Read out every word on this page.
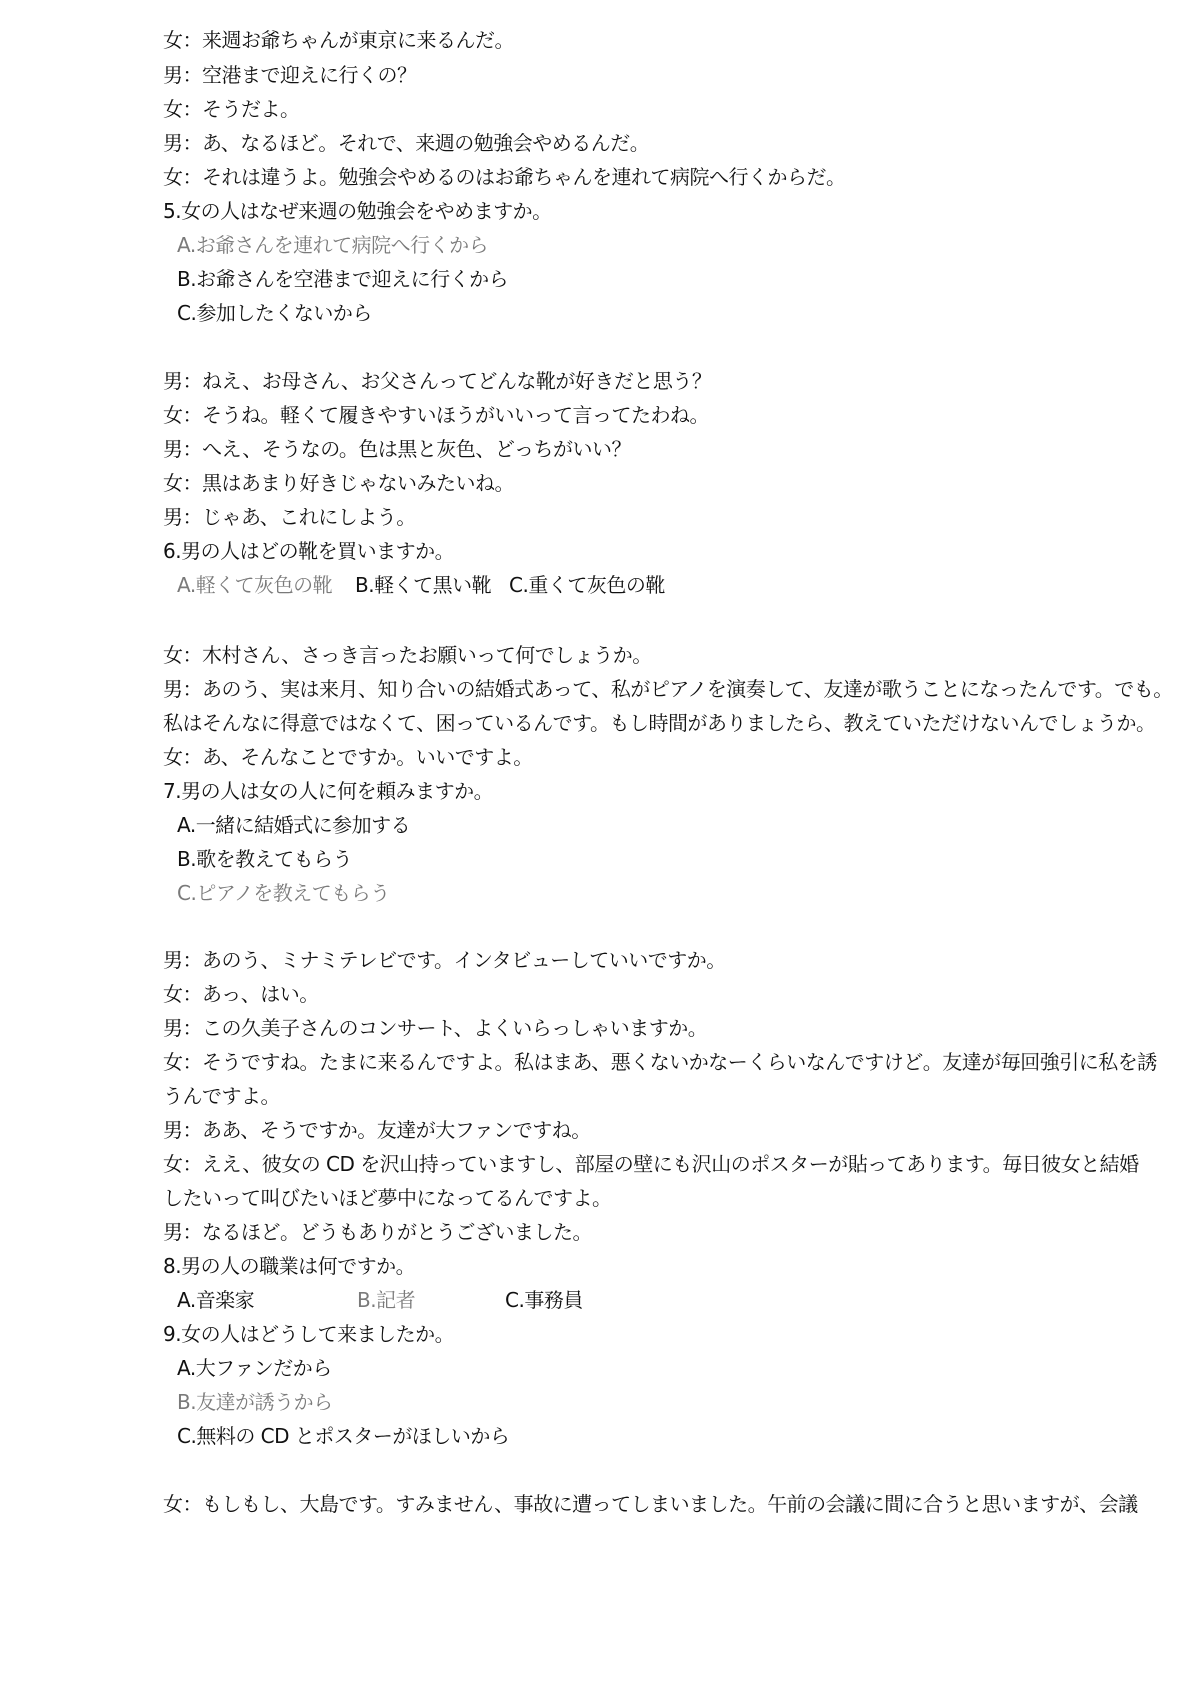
女：来週お爺ちゃんが東京に来るんだ。
男：空港まで迎えに行くの？
女：そうだよ。
男：あ、なるほど。それで、来週の勉強会やめるんだ。
女：それは違うよ。勉強会やめるのはお爺ちゃんを連れて病院へ行くからだ。
5.女の人はなぜ来週の勉強会をやめますか。
A.お爺さんを連れて病院へ行くから
B.お爺さんを空港まで迎えに行くから
C.参加したくないから
男：ねえ、お母さん、お父さんってどんな靴が好きだと思う？
女：そうね。軽くて履きやすいほうがいいって言ってたわね。
男：へえ、そうなの。色は黒と灰色、どっちがいい？
女：黒はあまり好きじゃないみたいね。
男：じゃあ、これにしよう。
6.男の人はどの靴を買いますか。
A.軽くて灰色の靴 B.軽くて黒い靴 C.重くて灰色の靴
女：木村さん、さっき言ったお願いって何でしょうか。
男：あのう、実は来月、知り合いの結婚式あって、私がピアノを演奏して、友達が歌うことになったんです。でも。
私はそんなに得意ではなくて、困っているんです。もし時間がありましたら、教えていただけないんでしょうか。
女：あ、そんなことですか。いいですよ。
7.男の人は女の人に何を頼みますか。
A.一緒に結婚式に参加する
B.歌を教えてもらう
C.ピアノを教えてもらう
男：あのう、ミナミテレビです。インタビューしていいですか。
女：あっ、はい。
男：この久美子さんのコンサート、よくいらっしゃいますか。
女：そうですね。たまに来るんですよ。私はまあ、悪くないかなーくらいなんですけど。友達が毎回強引に私を誘
うんですよ。
男：ああ、そうですか。友達が大ファンですね。
女：ええ、彼女の CD を沢山持っていますし、部屋の壁にも沢山のポスターが貼ってあります。毎日彼女と結婚
したいって叫びたいほど夢中になってるんですよ。
男：なるほど。どうもありがとうございました。
8.男の人の職業は何ですか。
A.音楽家	B.記者	C.事務員
9.女の人はどうして来ましたか。
A.大ファンだから
B.友達が誘うから
C.無料の CD とポスターがほしいから
女：もしもし、大島です。すみません、事故に遭ってしまいました。午前の会議に間に合うと思いますが、会議
